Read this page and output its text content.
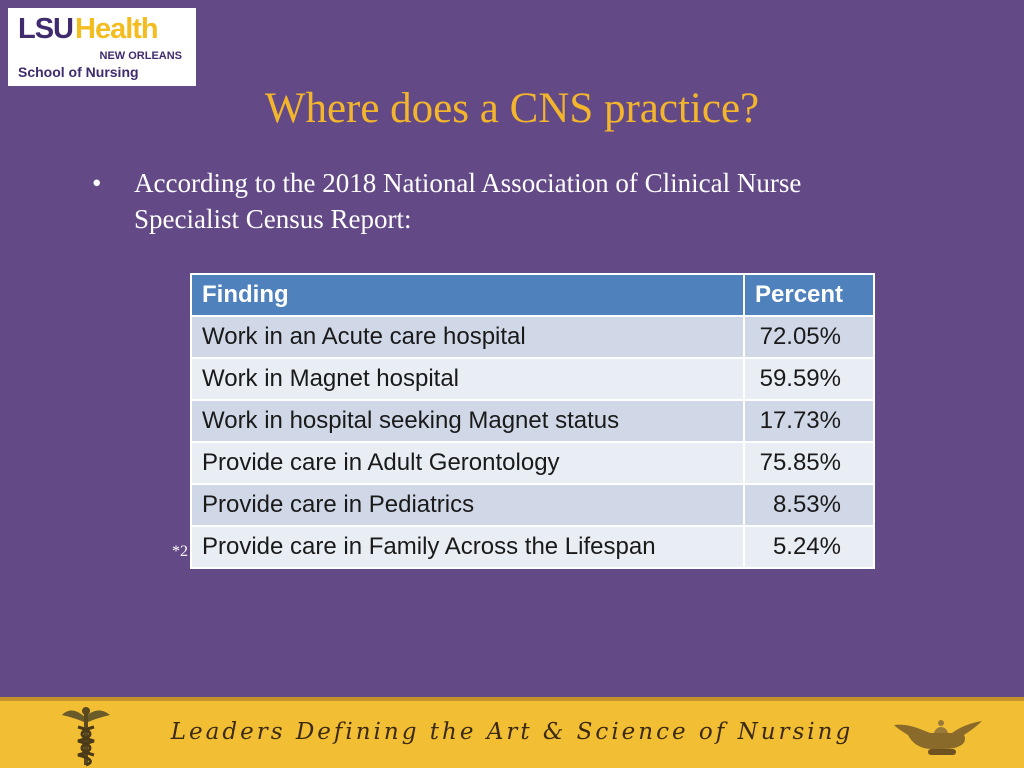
LSU Health
NEW ORLEANS
School of Nursing
Where does a CNS practice?
•	According to the 2018 National Association of Clinical Nurse Specialist Census Report:
*2
Finding	Percent
Work in an Acute care hospital	72.05%
Work in Magnet hospital	59.59%
Work in hospital seeking Magnet status	17.73%
Provide care in Adult Gerontology	75.85%
Provide care in Pediatrics	8.53%
Provide care in Family Across the Lifespan	5.24%
Leaders Defining the Art & Science of Nursing
